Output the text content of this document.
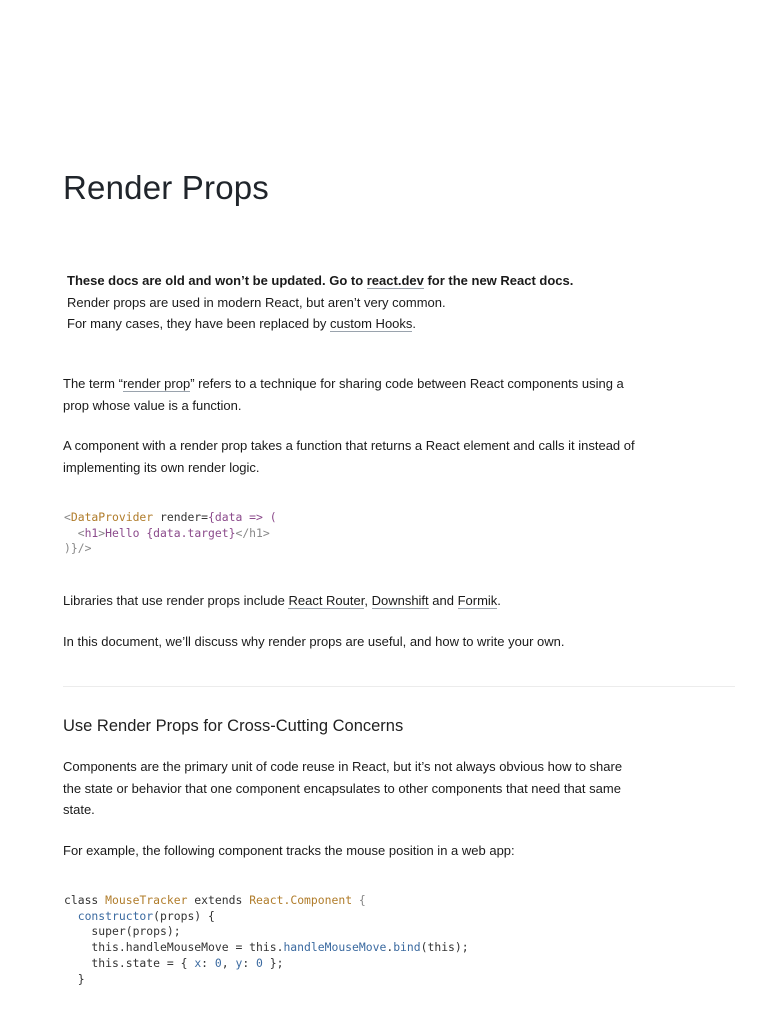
Render Props

These docs are old and won’t be updated. Go to react.dev for the new React docs.

Render props are used in modern React, but aren’t very common.

For many cases, they have been replaced by custom Hooks.

The term “render prop” refers to a technique for sharing code between React components using a prop whose value is a function.

A component with a render prop takes a function that returns a React element and calls it instead of implementing its own render logic.

<DataProvider render={data => (
<h1>Hello {data.target}</h1>
)}/>

Libraries that use render props include React Router, Downshift and Formik.

In this document, we’ll discuss why render props are useful, and how to write your own.

Use Render Props for Cross-Cutting Concerns

Components are the primary unit of code reuse in React, but it’s not always obvious how to share the state or behavior that one component encapsulates to other components that need that same state.

For example, the following component tracks the mouse position in a web app:

class MouseTracker extends React.Component {
constructor(props) {
super(props);
this.handleMouseMove = this.handleMouseMove.bind(this);
this.state = { x: 0, y: 0 };
}
